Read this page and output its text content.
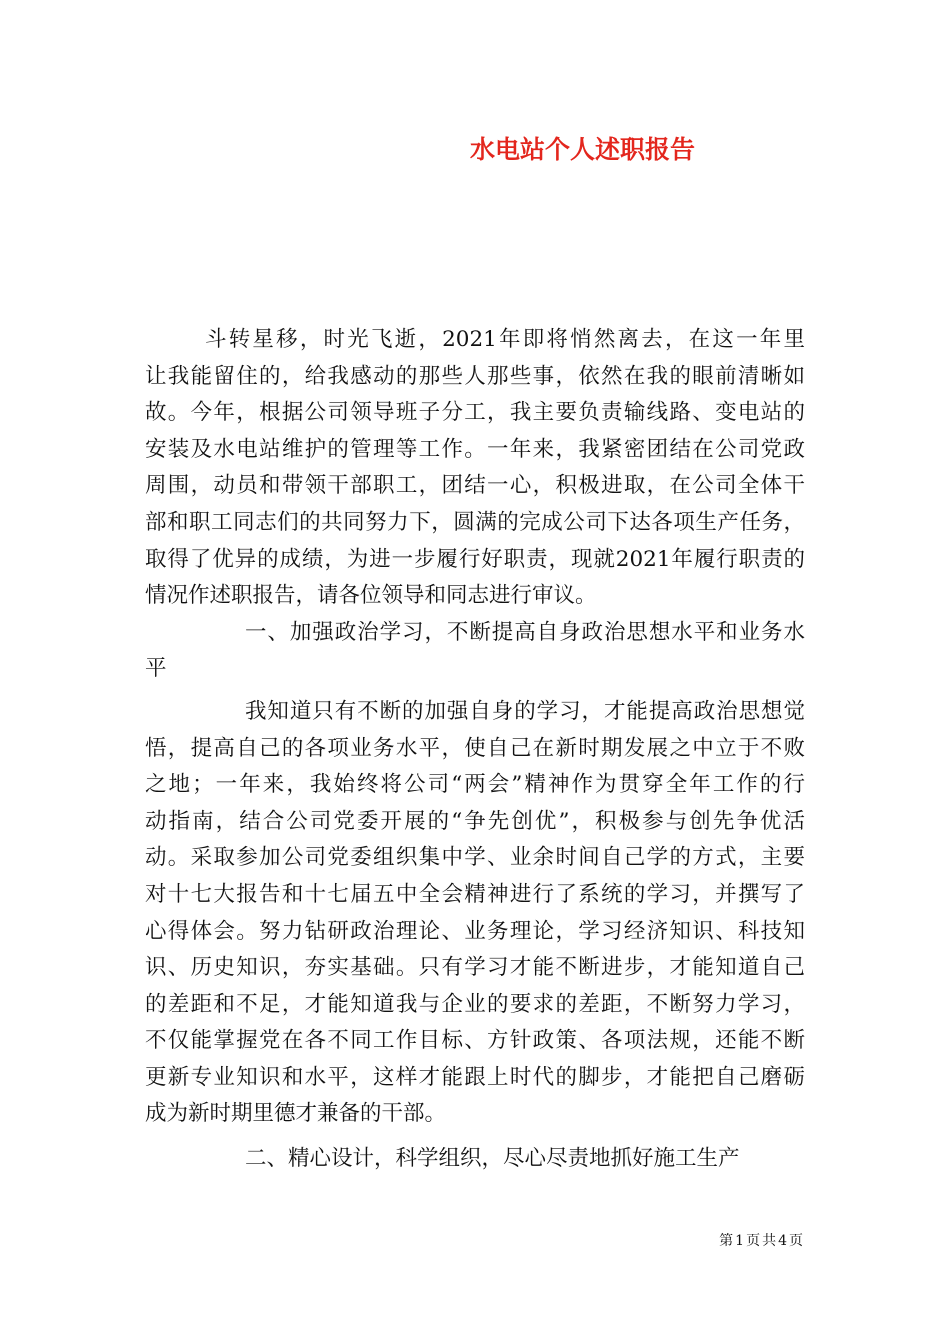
水电站个人述职报告
斗转星移，时光飞逝，2021年即将悄然离去，在这一年里
让我能留住的，给我感动的那些人那些事，依然在我的眼前清晰如
故。今年，根据公司领导班子分工，我主要负责输线路、变电站的
安装及水电站维护的管理等工作。一年来，我紧密团结在公司党政
周围，动员和带领干部职工，团结一心，积极进取，在公司全体干
部和职工同志们的共同努力下，圆满的完成公司下达各项生产任务，
取得了优异的成绩，为进一步履行好职责，现就2021年履行职责的
情况作述职报告，请各位领导和同志进行审议。
一、加强政治学习，不断提高自身政治思想水平和业务水
平
我知道只有不断的加强自身的学习，才能提高政治思想觉
悟，提高自己的各项业务水平，使自己在新时期发展之中立于不败
之地；一年来，我始终将公司“两会”精神作为贯穿全年工作的行
动指南，结合公司党委开展的“争先创优”，积极参与创先争优活
动。采取参加公司党委组织集中学、业余时间自己学的方式，主要
对十七大报告和十七届五中全会精神进行了系统的学习，并撰写了
心得体会。努力钻研政治理论、业务理论，学习经济知识、科技知
识、历史知识，夯实基础。只有学习才能不断进步，才能知道自己
的差距和不足，才能知道我与企业的要求的差距，不断努力学习，
不仅能掌握党在各不同工作目标、方针政策、各项法规，还能不断
更新专业知识和水平，这样才能跟上时代的脚步，才能把自己磨砺
成为新时期里德才兼备的干部。
二、精心设计，科学组织，尽心尽责地抓好施工生产
第1页共4页
